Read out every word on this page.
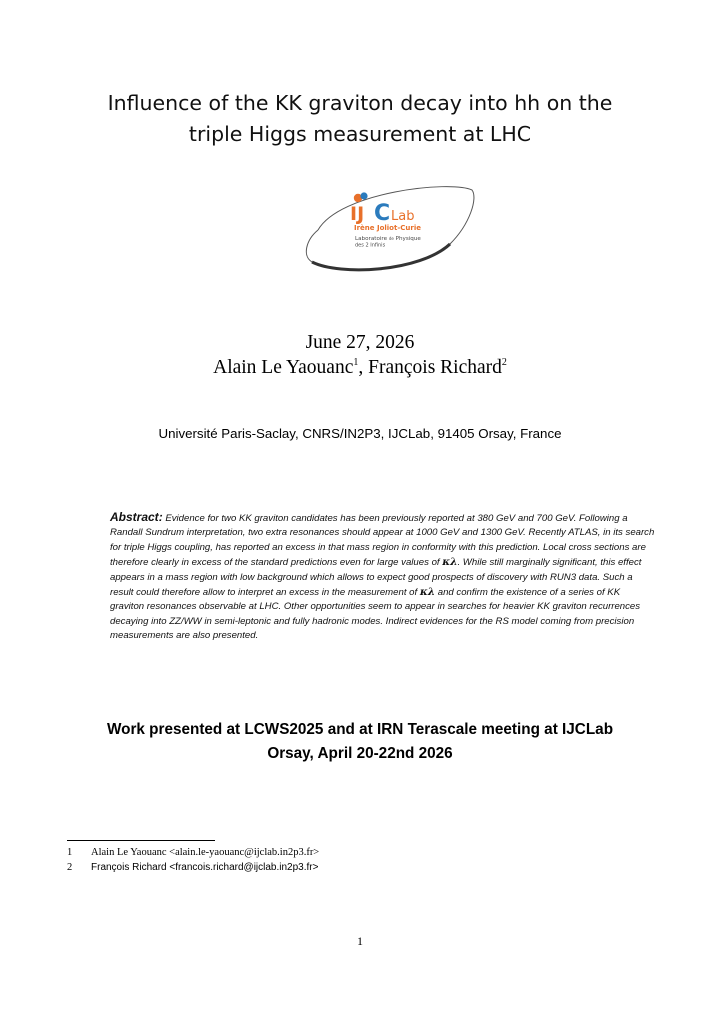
Influence of the KK graviton decay into hh on the
triple Higgs measurement at LHC
IJ C Lab
Irène Joliot-Curie
Laboratoire de Physique
des 2 Infinis
June 27, 2026
Alain Le Yaouanc$^1$, François Richard$^2$
Université Paris-Saclay, CNRS/IN2P3, IJCLab, 91405 Orsay, France
Abstract: Evidence for two KK graviton candidates has been previously reported at 380 GeV and 700 GeV. Following a Randall Sundrum interpretation, two extra resonances should appear at 1000 GeV and 1300 GeV. Recently ATLAS, in its search for triple Higgs coupling, has reported an excess in that mass region in conformity with this prediction. Local cross sections are therefore clearly in excess of the standard predictions even for large values of κλ. While still marginally significant, this effect appears in a mass region with low background which allows to expect good prospects of discovery with RUN3 data. Such a result could therefore allow to interpret an excess in the measurement of κλ and confirm the existence of a series of KK graviton resonances observable at LHC. Other opportunities seem to appear in searches for heavier KK graviton recurrences decaying into ZZ/WW in semi-leptonic and fully hadronic modes. Indirect evidences for the RS model coming from precision measurements are also presented.
Work presented at LCWS2025 and at IRN Terascale meeting at IJCLab
Orsay, April 20-22nd 2026
1 Alain Le Yaouanc <alain.le-yaouanc@ijclab.in2p3.fr>
2 François Richard <francois.richard@ijclab.in2p3.fr>
1
